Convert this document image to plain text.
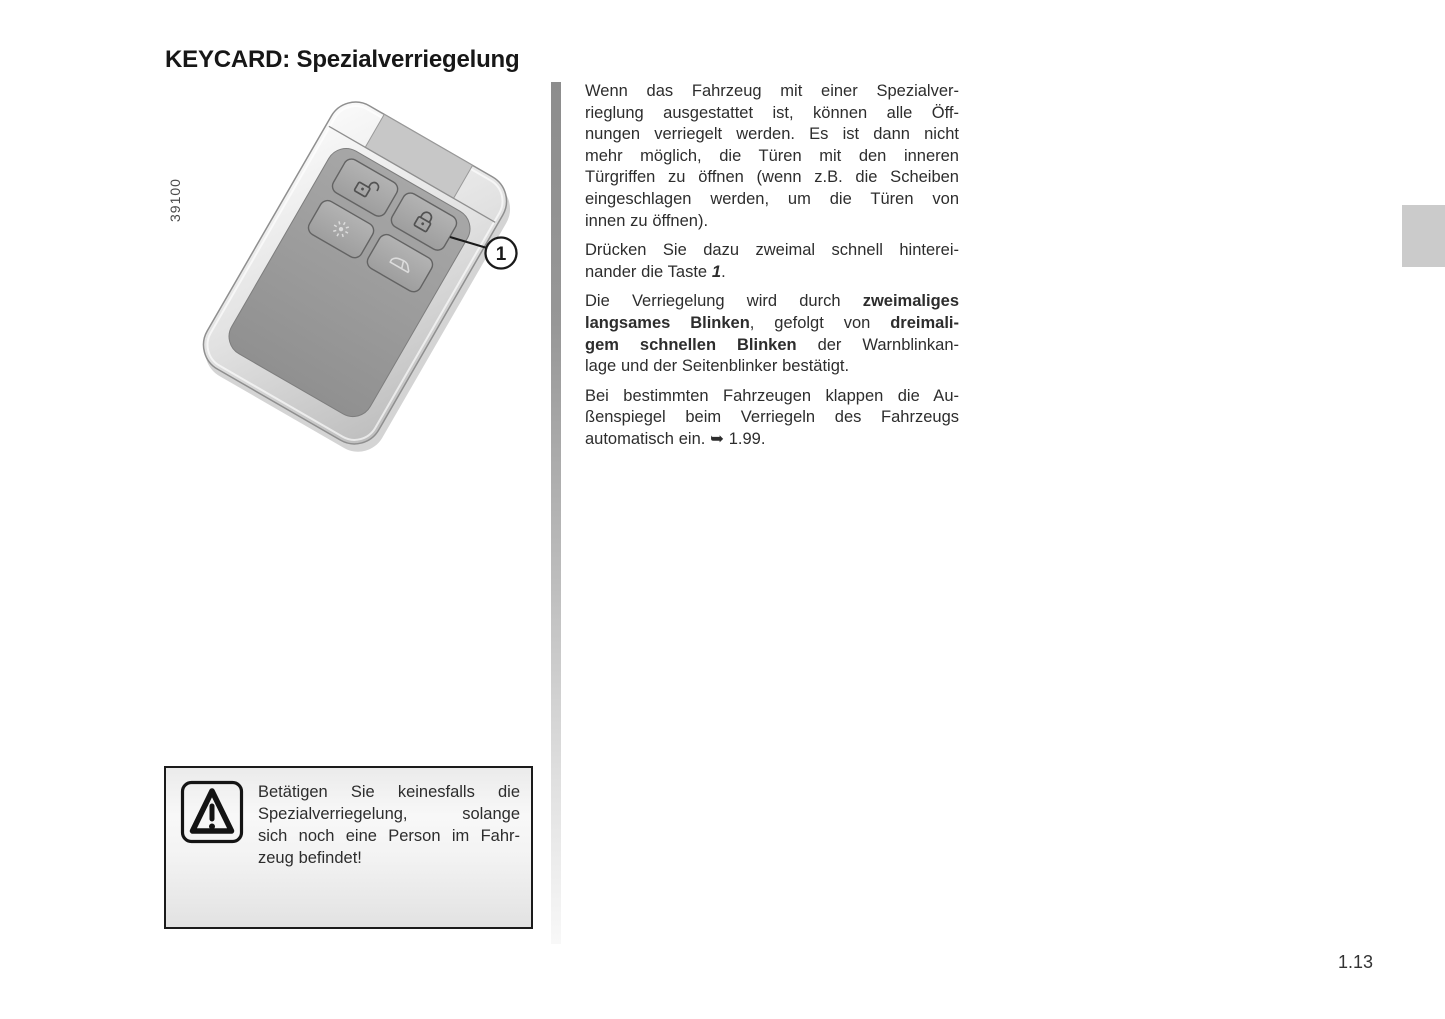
KEYCARD: Spezialverriegelung
39100
1
Wenn das Fahrzeug mit einer Spezialver-
rieglung ausgestattet ist, können alle Öff-
nungen verriegelt werden. Es ist dann nicht
mehr möglich, die Türen mit den inneren
Türgriffen zu öffnen (wenn z.B. die Scheiben
eingeschlagen werden, um die Türen von
innen zu öffnen).
Drücken Sie dazu zweimal schnell hinterei-
nander die Taste 1.
Die Verriegelung wird durch zweimaliges
langsames Blinken, gefolgt von dreimali-
gem schnellen Blinken der Warnblinkan-
lage und der Seitenblinker bestätigt.
Bei bestimmten Fahrzeugen klappen die Au-
ßenspiegel beim Verriegeln des Fahrzeugs
automatisch ein. ➥ 1.99.
Betätigen Sie keinesfalls die
Spezialverriegelung, solange
sich noch eine Person im Fahr-
zeug befindet!
1.13
